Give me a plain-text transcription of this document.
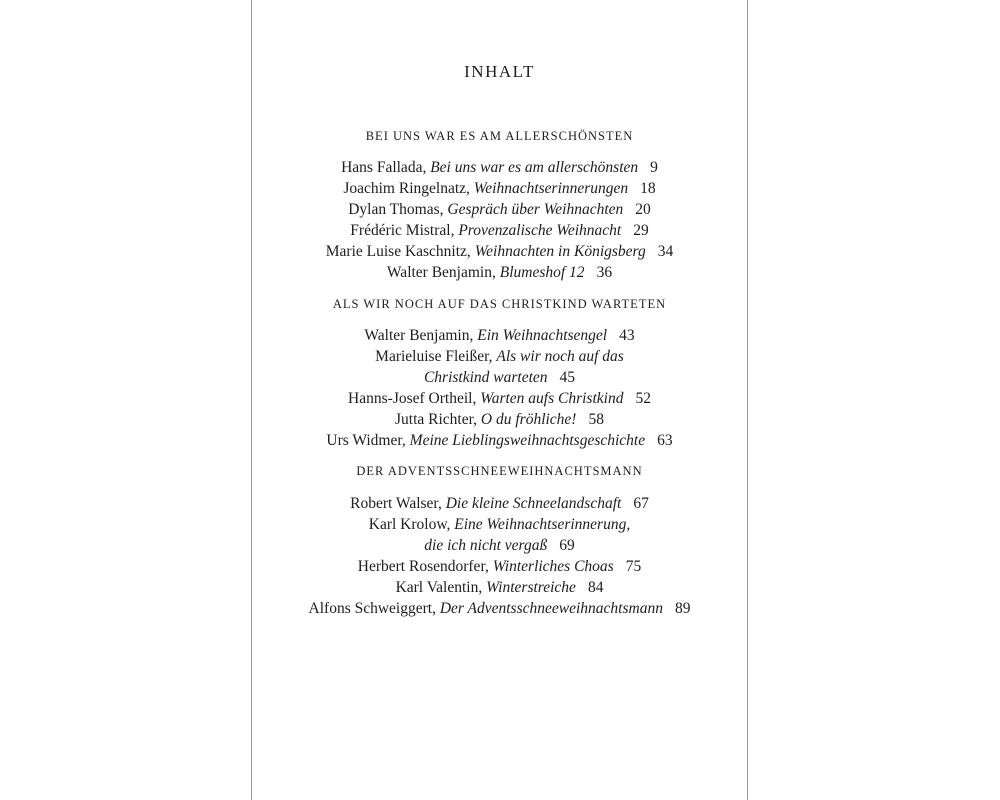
INHALT
BEI UNS WAR ES AM ALLERSCHÖNSTEN
Hans Fallada, Bei uns war es am allerschönsten 9
Joachim Ringelnatz, Weihnachtserinnerungen 18
Dylan Thomas, Gespräch über Weihnachten 20
Frédéric Mistral, Provenzalische Weihnacht 29
Marie Luise Kaschnitz, Weihnachten in Königsberg 34
Walter Benjamin, Blumeshof 12 36
ALS WIR NOCH AUF DAS CHRISTKIND WARTETEN
Walter Benjamin, Ein Weihnachtsengel 43
Marieluise Fleißer, Als wir noch auf das
Christkind warteten 45
Hanns-Josef Ortheil, Warten aufs Christkind 52
Jutta Richter, O du fröhliche! 58
Urs Widmer, Meine Lieblingsweihnachtsgeschichte 63
DER ADVENTSSCHNEEWEIHNACHTSMANN
Robert Walser, Die kleine Schneelandschaft 67
Karl Krolow, Eine Weihnachtserinnerung,
die ich nicht vergaß 69
Herbert Rosendorfer, Winterliches Choas 75
Karl Valentin, Winterstreiche 84
Alfons Schweiggert, Der Adventsschneeweihnachtsmann 89
